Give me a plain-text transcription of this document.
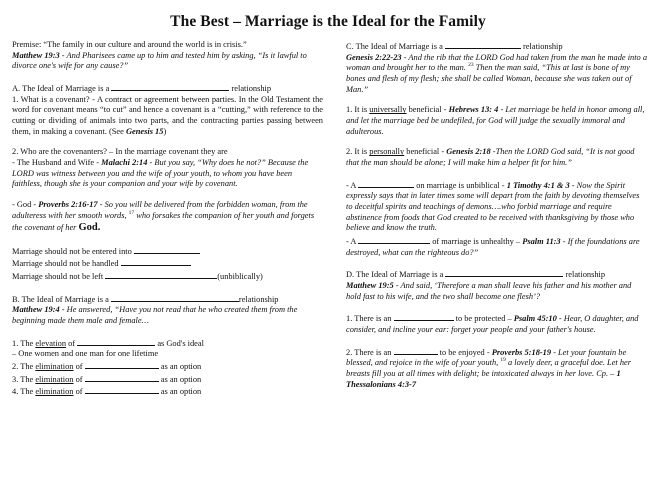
The Best – Marriage is the Ideal for the Family
Premise: “The family in our culture and around the world is in crisis.”
Matthew 19:3 - And Pharisees came up to him and tested him by asking, “Is it lawful to divorce one's wife for any cause?”
A. The Ideal of Marriage is a	relationship
1. What is a covenant? - A contract or agreement between parties. In the Old Testament the word for covenant means “to cut” and hence a covenant is a “cutting,” with reference to the cutting or dividing of animals into two parts, and the contracting parties passing between them, in making a covenant. (See Genesis 15)
2. Who are the covenanters? – In the marriage covenant they are
- The Husband and Wife - Malachi 2:14 - But you say, “Why does he not?” Because the LORD was witness between you and the wife of your youth, to whom you have been faithless, though she is your companion and your wife by covenant.
- God - Proverbs 2:16-17 - So you will be delivered from the forbidden woman, from the adulteress with her smooth words, $^{17}$ who forsakes the companion of her youth and forgets the covenant of her God.
Marriage should not be entered into
Marriage should not be handled
Marriage should not be left	(unbiblically)
B. The Ideal of Marriage is a	relationship
Matthew 19:4 - He answered, “Have you not read that he who created them from the beginning made them male and female…
1. The elevation of	as God's ideal
– One women and one man for one lifetime
2. The elimination of	as an option
3. The elimination of	as an option
4. The elimination of	as an option
C. The Ideal of Marriage is a	relationship
Genesis 2:22-23 - And the rib that the LORD God had taken from the man he made into a woman and brought her to the man. $^{23}$ Then the man said, “This at last is bone of my bones and flesh of my flesh; she shall be called Woman, because she was taken out of Man.”
1. It is universally beneficial - Hebrews 13: 4 - Let marriage be held in honor among all, and let the marriage bed be undefiled, for God will judge the sexually immoral and adulterous.
2. It is personally beneficial - Genesis 2:18 -Then the LORD God said, “It is not good that the man should be alone; I will make him a helper fit for him.”
- A	on marriage is unbiblical - 1 Timothy 4:1 & 3 - Now the Spirit expressly says that in later times some will depart from the faith by devoting themselves to deceitful spirits and teachings of demons….who forbid marriage and require abstinence from foods that God created to be received with thanksgiving by those who believe and know the truth.
- A	of marriage is unhealthy – Psalm 11:3 - If the foundations are destroyed, what can the righteous do?”
D. The Ideal of Marriage is a	relationship
Matthew 19:5 - And said, ‘Therefore a man shall leave his father and his mother and hold fast to his wife, and the two shall become one flesh’?
1. There is an	to be protected – Psalm 45:10 - Hear, O daughter, and consider, and incline your ear: forget your people and your father's house.
2. There is an	to be enjoyed - Proverbs 5:18-19 - Let your fountain be blessed, and rejoice in the wife of your youth, $^{19}$ a lovely deer, a graceful doe. Let her breasts fill you at all times with delight; be intoxicated always in her love. Cp. – 1 Thessalonians 4:3-7
